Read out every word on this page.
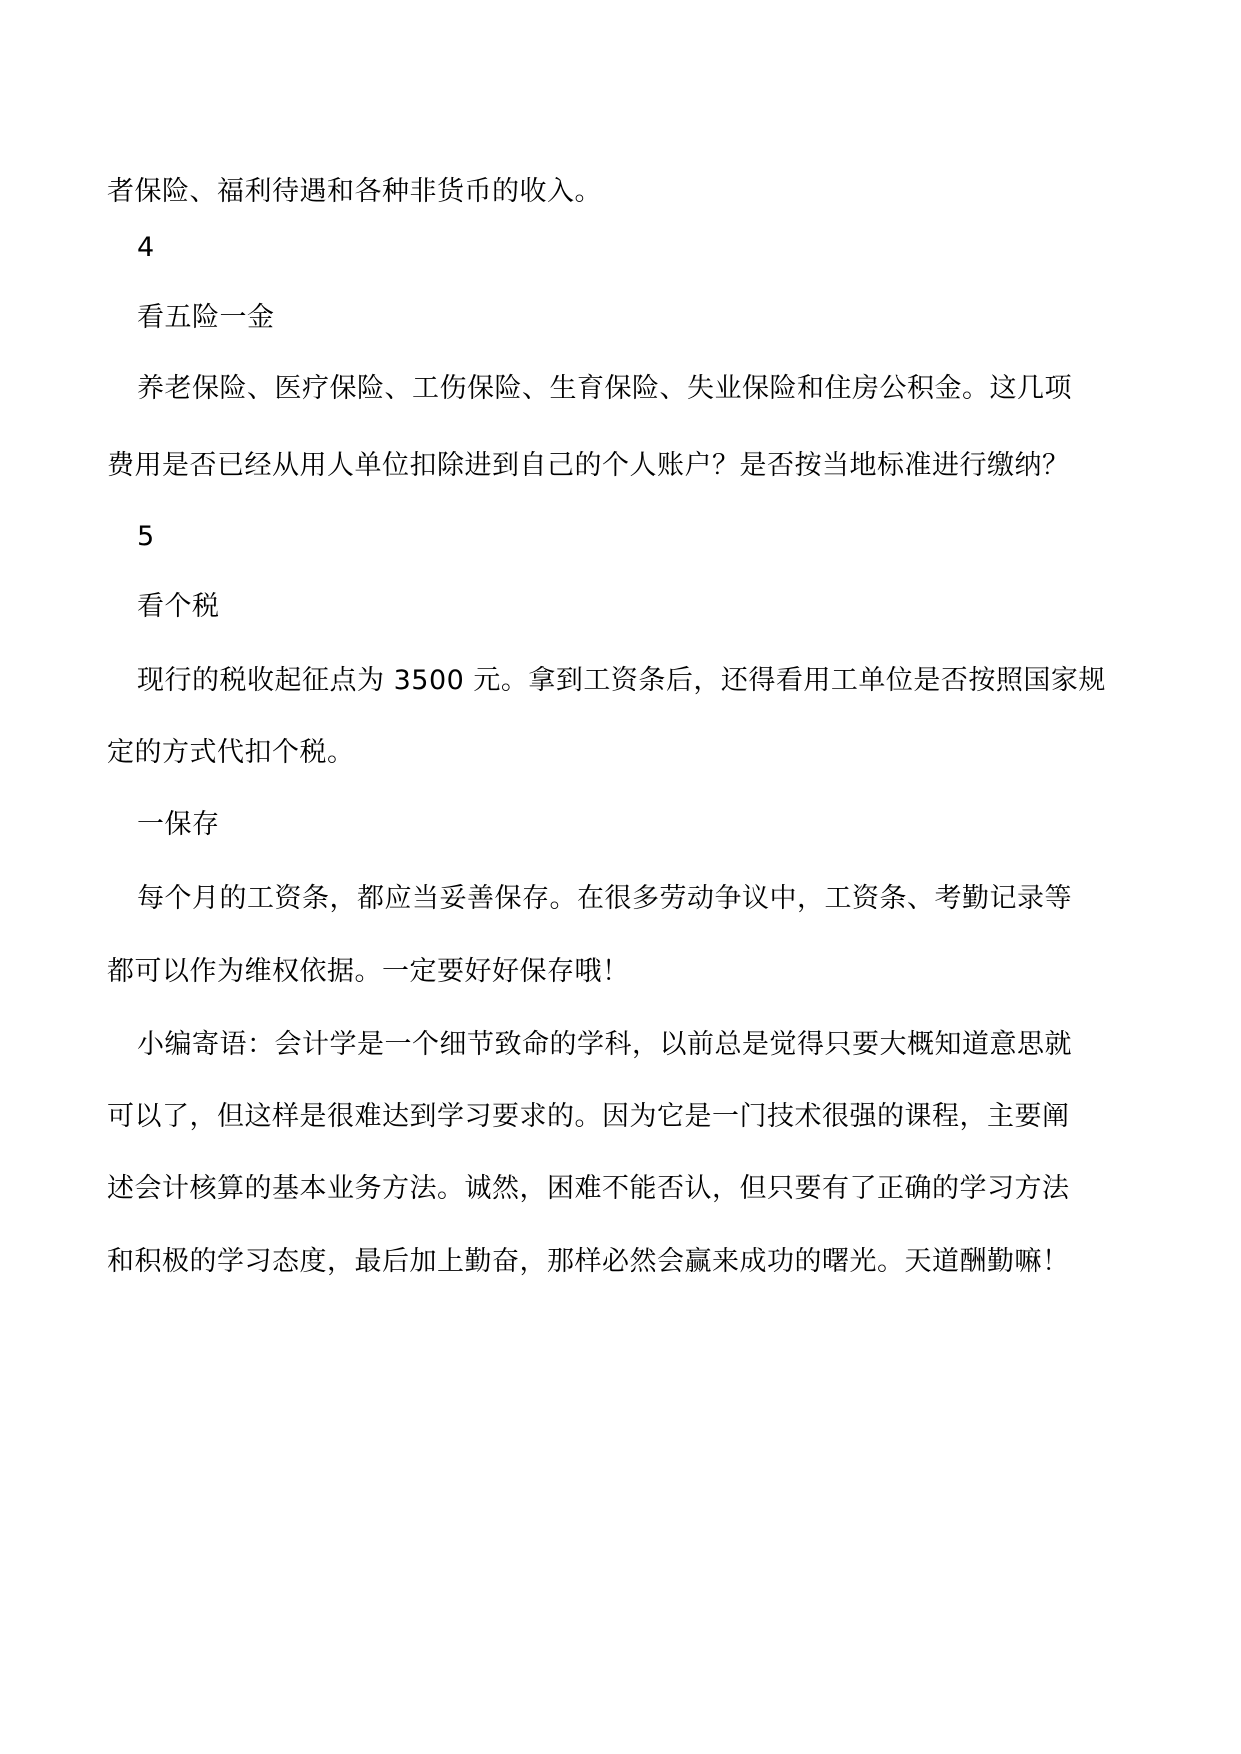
者保险、福利待遇和各种非货币的收入。
4
看五险一金
养老保险、医疗保险、工伤保险、生育保险、失业保险和住房公积金。这几项
费用是否已经从用人单位扣除进到自己的个人账户？是否按当地标准进行缴纳？
5
看个税
现行的税收起征点为 3500 元。拿到工资条后，还得看用工单位是否按照国家规
定的方式代扣个税。
一保存
每个月的工资条，都应当妥善保存。在很多劳动争议中，工资条、考勤记录等
都可以作为维权依据。一定要好好保存哦！
小编寄语：会计学是一个细节致命的学科，以前总是觉得只要大概知道意思就
可以了，但这样是很难达到学习要求的。因为它是一门技术很强的课程，主要阐
述会计核算的基本业务方法。诚然，困难不能否认，但只要有了正确的学习方法
和积极的学习态度，最后加上勤奋，那样必然会赢来成功的曙光。天道酬勤嘛！
